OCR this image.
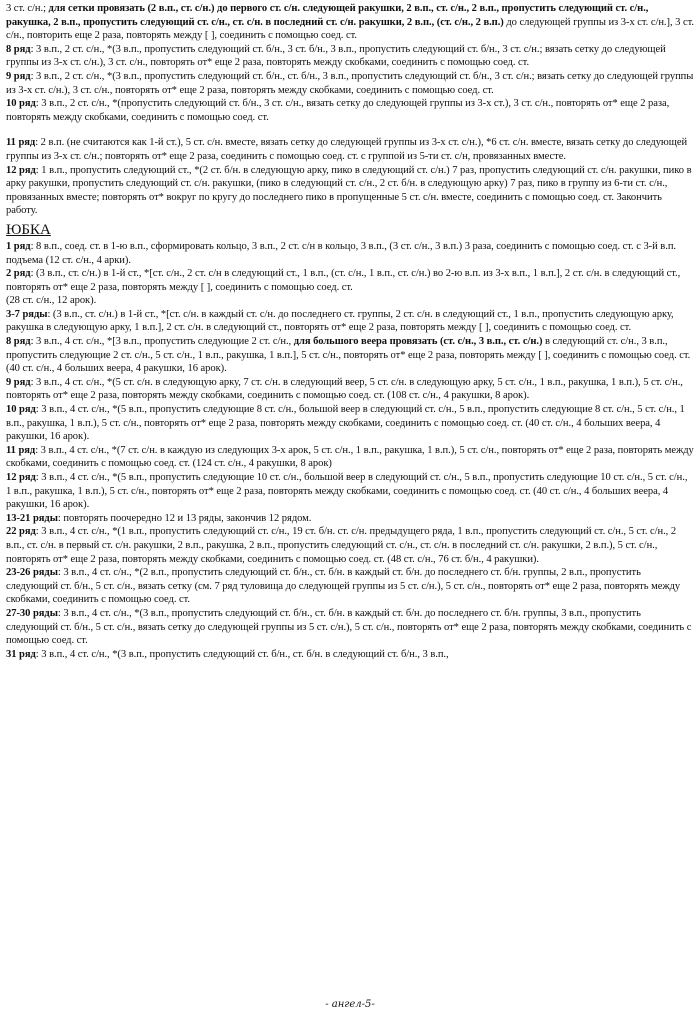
3 ст. с/н.; для сетки провязать (2 в.п., ст. с/н.) до первого ст. с/н. следующей ракушки, 2 в.п., ст. с/н., 2 в.п., пропустить следующий ст. с/н., ракушка, 2 в.п., пропустить следующий ст. с/н., ст. с/н. в последний ст. с/н. ракушки, 2 в.п., (ст. с/н., 2 в.п.) до следующей группы из 3-х ст. с/н.], 3 ст. с/н., повторить еще 2 раза, повторять между [ ], соединить с помощью соед. ст.

8 ряд: 3 в.п., 2 ст. с/н., *(3 в.п., пропустить следующий ст. б/н., 3 ст. б/н., 3 в.п., пропустить следующий ст. б/н., 3 ст. с/н.; вязать сетку до следующей группы из 3-х ст. с/н.), 3 ст. с/н., повторять от* еще 2 раза, повторять между скобками, соединить с помощью соед. ст.

9 ряд: 3 в.п., 2 ст. с/н., *(3 в.п., пропустить следующий ст. б/н., ст. б/н., 3 в.п., пропустить следующий ст. б/н., 3 ст. с/н.; вязать сетку до следующей группы из 3-х ст. с/н.), 3 ст. с/н., повторять от* еще 2 раза, повторять между скобками, соединить с помощью соед. ст.

10 ряд: 3 в.п., 2 ст. с/н., *(пропустить следующий ст. б/н., 3 ст. с/н., вязать сетку до следующей группы из 3-х ст.), 3 ст. с/н., повторять от* еще 2 раза, повторять между скобками, соединить с помощью соед. ст.

11 ряд: 2 в.п. (не считаются как 1-й ст.), 5 ст. с/н. вместе, вязать сетку до следующей группы из 3-х ст. с/н.), *6 ст. с/н. вместе, вязать сетку до следующей группы из 3-х ст. с/н.; повторять от* еще 2 раза, соединить с помощью соед. ст. с группой из 5-ти ст. с/н, провязанных вместе.

12 ряд: 1 в.п., пропустить следующий ст., *(2 ст. б/н. в следующую арку, пико в следующий ст. с/н.) 7 раз, пропустить следующий ст. с/н. ракушки, пико в арку ракушки, пропустить следующий ст. с/н. ракушки, (пико в следующий ст. с/н., 2 ст. б/н. в следующую арку) 7 раз, пико в группу из 6-ти ст. с/н., провязанных вместе; повторять от* вокруг по кругу до последнего пико в пропущенные 5 ст. с/н. вместе, соединить с помощью соед. ст. Закончить работу.

ЮБКА

1 ряд: 8 в.п., соед. ст. в 1-ю в.п., сформировать кольцо, 3 в.п., 2 ст. с/н в кольцо, 3 в.п., (3 ст. с/н., 3 в.п.) 3 раза, соединить с помощью соед. ст. с 3-й в.п. подъема (12 ст. с/н., 4 арки).

2 ряд: (3 в.п., ст. с/н.) в 1-й ст., *[ст. с/н., 2 ст. с/н в следующий ст., 1 в.п., (ст. с/н., 1 в.п., ст. с/н.) во 2-ю в.п. из 3-х в.п., 1 в.п.], 2 ст. с/н. в следующий ст., повторять от* еще 2 раза, повторять между [ ], соединить с помощью соед. ст.

(28 ст. с/н., 12 арок).

3-7 ряды: (3 в.п., ст. с/н.) в 1-й ст., *[ст. с/н. в каждый ст. с/н. до последнего ст. группы, 2 ст. с/н. в следующий ст., 1 в.п., пропустить следующую арку, ракушка в следующую арку, 1 в.п.], 2 ст. с/н. в следующий ст., повторять от* еще 2 раза, повторять между [ ], соединить с помощью соед. ст.

8 ряд: 3 в.п., 4 ст. с/н., *[3 в.п., пропустить следующие 2 ст. с/н., для большого веера провязать (ст. с/н., 3 в.п., ст. с/н.) в следующий ст. с/н., 3 в.п., пропустить следующие 2 ст. с/н., 5 ст. с/н., 1 в.п., ракушка, 1 в.п.], 5 ст. с/н., повторять от* еще 2 раза, повторять между [ ], соединить с помощью соед. ст. (40 ст. с/н., 4 больших веера, 4 ракушки, 16 арок).

9 ряд: 3 в.п., 4 ст. с/н., *(5 ст. с/н. в следующую арку, 7 ст. с/н. в следующий веер, 5 ст. с/н. в следующую арку, 5 ст. с/н., 1 в.п., ракушка, 1 в.п.), 5 ст. с/н., повторять от* еще 2 раза, повторять между скобками, соединить с помощью соед. ст. (108 ст. с/н., 4 ракушки, 8 арок).

10 ряд: 3 в.п., 4 ст. с/н., *(5 в.п., пропустить следующие 8 ст. с/н., большой веер в следующий ст. с/н., 5 в.п., пропустить следующие 8 ст. с/н., 5 ст. с/н., 1 в.п., ракушка, 1 в.п.), 5 ст. с/н., повторять от* еще 2 раза, повторять между скобками, соединить с помощью соед. ст. (40 ст. с/н., 4 больших веера, 4 ракушки, 16 арок).

11 ряд: 3 в.п., 4 ст. с/н., *(7 ст. с/н. в каждую из следующих 3-х арок, 5 ст. с/н., 1 в.п., ракушка, 1 в.п.), 5 ст. с/н., повторять от* еще 2 раза, повторять между скобками, соединить с помощью соед. ст. (124 ст. с/н., 4 ракушки, 8 арок)

12 ряд: 3 в.п., 4 ст. с/н., *(5 в.п., пропустить следующие 10 ст. с/н., большой веер в следующий ст. с/н., 5 в.п., пропустить следующие 10 ст. с/н., 5 ст. с/н., 1 в.п., ракушка, 1 в.п.), 5 ст. с/н., повторять от* еще 2 раза, повторять между скобками, соединить с помощью соед. ст. (40 ст. с/н., 4 больших веера, 4 ракушки, 16 арок).

13-21 ряды: повторять поочередно 12 и 13 ряды, закончив 12 рядом.

22 ряд: 3 в.п., 4 ст. с/н., *(1 в.п., пропустить следующий ст. с/н., 19 ст. б/н. ст. с/н. предыдущего ряда, 1 в.п., пропустить следующий ст. с/н., 5 ст. с/н., 2 в.п., ст. с/н. в первый ст. с/н. ракушки, 2 в.п., ракушка, 2 в.п., пропустить следующий ст. с/н., ст. с/н. в последний ст. с/н. ракушки, 2 в.п.), 5 ст. с/н., повторять от* еще 2 раза, повторять между скобками, соединить с помощью соед. ст. (48 ст. с/н., 76 ст. б/н., 4 ракушки).

23-26 ряды: 3 в.п., 4 ст. с/н., *(2 в.п., пропустить следующий ст. б/н., ст. б/н. в каждый ст. б/н. до последнего ст. б/н. группы, 2 в.п., пропустить следующий ст. б/н., 5 ст. с/н., вязать сетку (см. 7 ряд туловища до следующей группы из 5 ст. с/н.), 5 ст. с/н., повторять от* еще 2 раза, повторять между скобками, соединить с помощью соед. ст.

27-30 ряды: 3 в.п., 4 ст. с/н., *(3 в.п., пропустить следующий ст. б/н., ст. б/н. в каждый ст. б/н. до последнего ст. б/н. группы, 3 в.п., пропустить следующий ст. б/н., 5 ст. с/н., вязать сетку до следующей группы из 5 ст. с/н.), 5 ст. с/н., повторять от* еще 2 раза, повторять между скобками, соединить с помощью соед. ст.

31 ряд: 3 в.п., 4 ст. с/н., *(3 в.п., пропустить следующий ст. б/н., ст. б/н. в следующий ст. б/н., 3 в.п.,

- ангел-5-
